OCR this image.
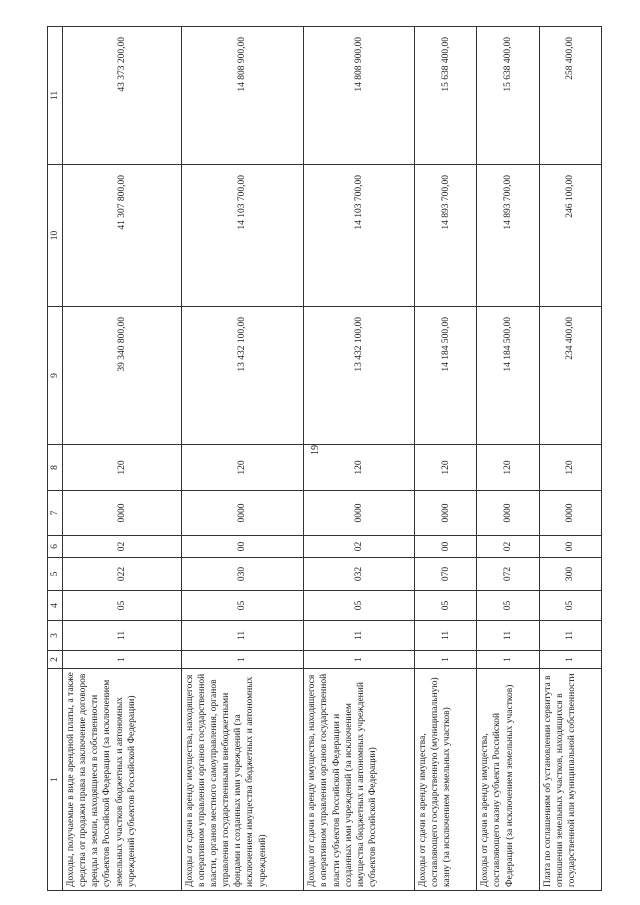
19
1	2	3	4	5	6	7	8	9	10	11
Доходы, получаемые в виде арендной платы, а также средства от продажи права на заключение договоров аренды за земли, находящиеся в собственности субъектов Российской Федерации (за исключением земельных участков бюджетных и автономных учреждений субъектов Российской Федерации)	1	11	05	022	02	0000	120	39 340 800,00	41 307 800,00	43 373 200,00
Доходы от сдачи в аренду имущества, находящегося в оперативном управлении органов государственной власти, органов местного самоуправления, органов управления государственными внебюджетными фондами и созданных ими учреждений (за исключением имущества бюджетных и автономных учреждений)	1	11	05	030	00	0000	120	13 432 100,00	14 103 700,00	14 808 900,00
Доходы от сдачи в аренду имущества, находящегося в оперативном управлении органов государственной власти субъектов Российской Федерации и созданных ими учреждений (за исключением имущества бюджетных и автономных учреждений субъектов Российской Федерации)	1	11	05	032	02	0000	120	13 432 100,00	14 103 700,00	14 808 900,00
Доходы от сдачи в аренду имущества, составляющего государственную (муниципальную) казну (за исключением земельных участков)	1	11	05	070	00	0000	120	14 184 500,00	14 893 700,00	15 638 400,00
Доходы от сдачи в аренду имущества, составляющего казну субъекта Российской Федерации (за исключением земельных участков)	1	11	05	072	02	0000	120	14 184 500,00	14 893 700,00	15 638 400,00
Плата по соглашениям об установлении сервитута в отношении земельных участков, находящихся в государственной или муниципальной собственности	1	11	05	300	00	0000	120	234 400,00	246 100,00	258 400,00
